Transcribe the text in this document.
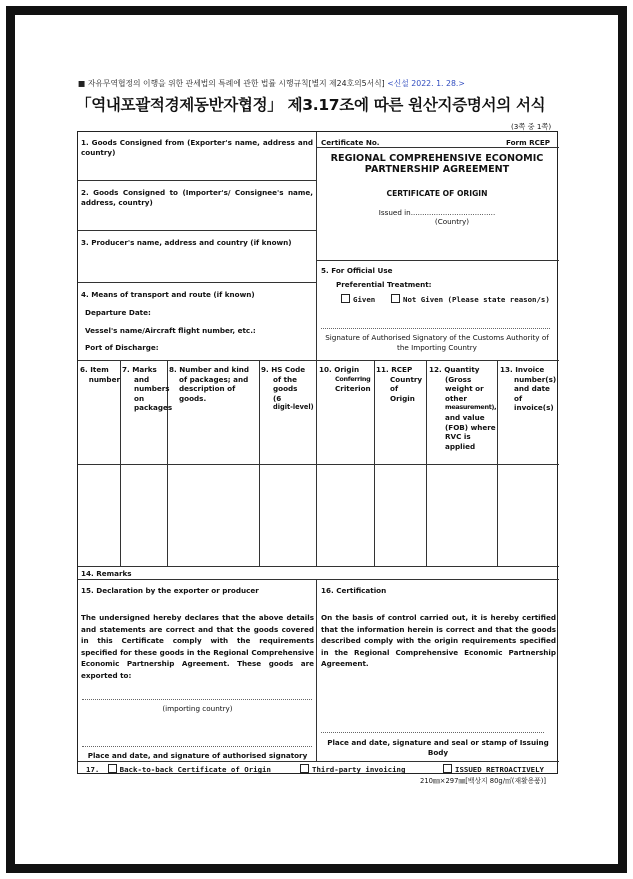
■ 자유무역협정의 이행을 위한 관세법의 특례에 관한 법률 시행규칙[별지 제24호의5서식] <신설 2022. 1. 28.>
「역내포괄적경제동반자협정」 제3.17조에 따른 원산지증명서의 서식
(3쪽 중 1쪽)
1. Goods Consigned from (Exporter's name, address and country)
2. Goods Consigned to (Importer's/ Consignee's name, address, country)
3. Producer's name, address and country (if known)
4. Means of transport and route (if known)
Departure Date:
Vessel's name/Aircraft flight number, etc.:
Port of Discharge:
Certificate No.	Form RCEP
REGIONAL COMPREHENSIVE ECONOMIC
PARTNERSHIP AGREEMENT
CERTIFICATE OF ORIGIN
Issued in.....................................
(Country)
5. For Official Use
Preferential Treatment:
Given	Not Given (Please state reason/s)
Signature of Authorised Signatory of the Customs Authority of the Importing Country
6. Item
number
7. Marks
and
numbers
on
packages
8. Number and kind
of packages; and
description of
goods.
9. HS Code
of the
goods
(6
digit-level)
10. Origin
Conferring
Criterion
11. RCEP
Country
of
Origin
12. Quantity
(Gross
weight or
other
measurement),
and value
(FOB) where
RVC is
applied
13. Invoice
number(s)
and date
of
invoice(s)
14. Remarks
15. Declaration by the exporter or producer
The undersigned hereby declares that the above details and statements are correct and that the goods covered in this Certificate comply with the requirements specified for these goods in the Regional Comprehensive Economic Partnership Agreement. These goods are exported to:
(importing country)
Place and date, and signature of authorised signatory
16. Certification
On the basis of control carried out, it is hereby certified that the information herein is correct and that the goods described comply with the origin requirements specified in the Regional Comprehensive Economic Partnership Agreement.
Place and date, signature and seal or stamp of Issuing Body
17.	Back-to-back Certificate of Origin	Third-party invoicing	ISSUED RETROACTIVELY
210㎜×297㎜[백상지 80g/㎡(재활용품)]
